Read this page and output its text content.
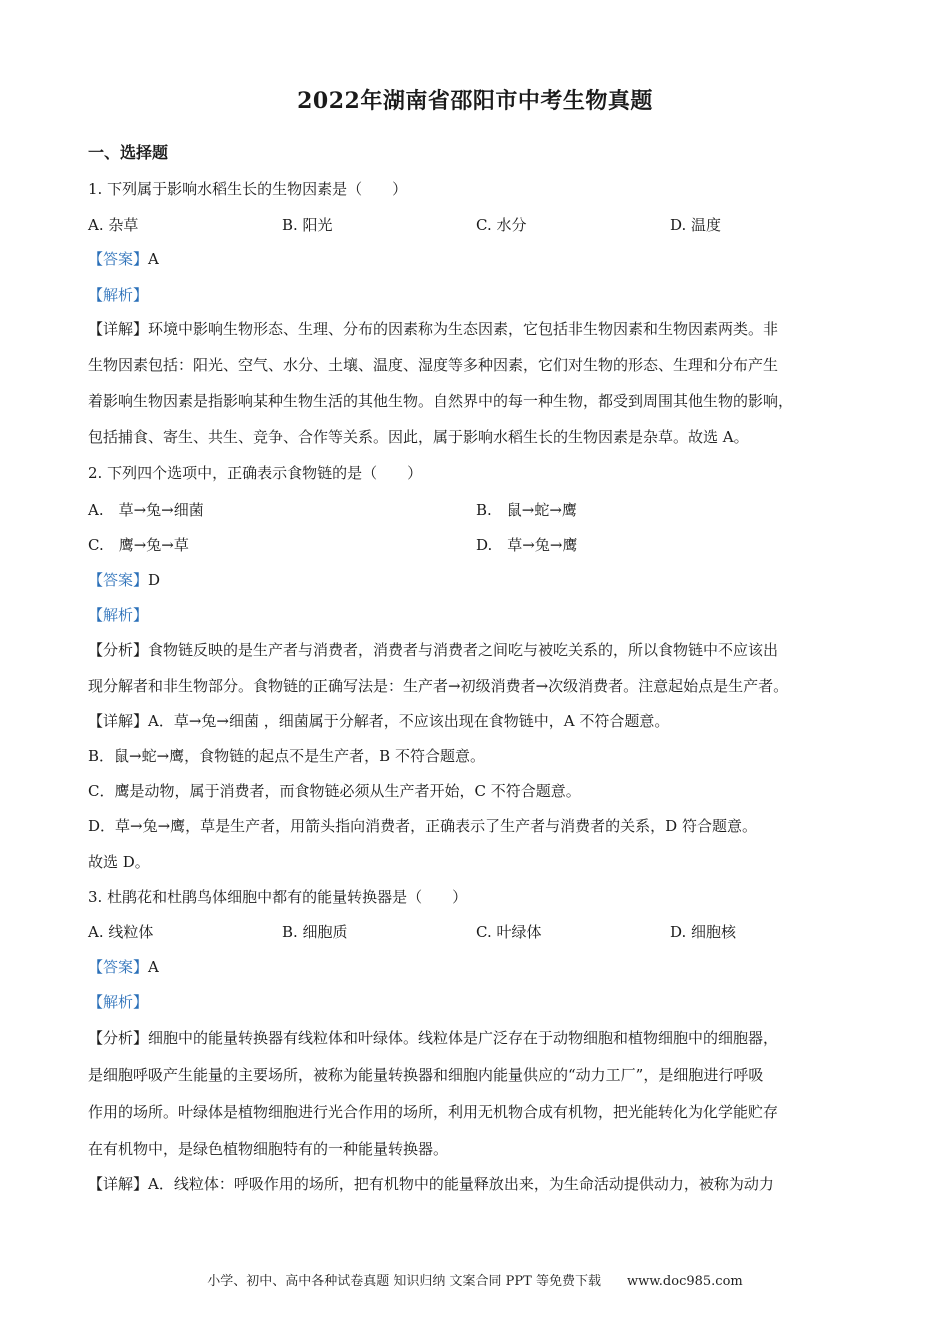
2022年湖南省邵阳市中考生物真题
一、选择题
1. 下列属于影响水稻生长的生物因素是（　　）
A. 杂草	B. 阳光	C. 水分	D. 温度
【答案】A
【解析】
【详解】环境中影响生物形态、生理、分布的因素称为生态因素，它包括非生物因素和生物因素两类。非
生物因素包括：阳光、空气、水分、土壤、温度、湿度等多种因素，它们对生物的形态、生理和分布产生
着影响生物因素是指影响某种生物生活的其他生物。自然界中的每一种生物，都受到周围其他生物的影响，
包括捕食、寄生、共生、竞争、合作等关系。因此，属于影响水稻生长的生物因素是杂草。故选 A。
2. 下列四个选项中，正确表示食物链的是（　　）
A.　草→兔→细菌	B.　鼠→蛇→鹰
C.　鹰→兔→草	D.　草→兔→鹰
【答案】D
【解析】
【分析】食物链反映的是生产者与消费者，消费者与消费者之间吃与被吃关系的，所以食物链中不应该出
现分解者和非生物部分。食物链的正确写法是：生产者→初级消费者→次级消费者。注意起始点是生产者。
【详解】A．草→兔→细菌 ，细菌属于分解者，不应该出现在食物链中，A 不符合题意。
B．鼠→蛇→鹰，食物链的起点不是生产者，B 不符合题意。
C．鹰是动物，属于消费者，而食物链必须从生产者开始，C 不符合题意。
D．草→兔→鹰，草是生产者，用箭头指向消费者，正确表示了生产者与消费者的关系，D 符合题意。
故选 D。
3. 杜鹃花和杜鹃鸟体细胞中都有的能量转换器是（　　）
A. 线粒体	B. 细胞质	C. 叶绿体	D. 细胞核
【答案】A
【解析】
【分析】细胞中的能量转换器有线粒体和叶绿体。线粒体是广泛存在于动物细胞和植物细胞中的细胞器，
是细胞呼吸产生能量的主要场所，被称为能量转换器和细胞内能量供应的“动力工厂”，是细胞进行呼吸
作用的场所。叶绿体是植物细胞进行光合作用的场所，利用无机物合成有机物，把光能转化为化学能贮存
在有机物中，是绿色植物细胞特有的一种能量转换器。
【详解】A．线粒体：呼吸作用的场所，把有机物中的能量释放出来，为生命活动提供动力，被称为动力
小学、初中、高中各种试卷真题 知识归纳 文案合同 PPT 等免费下载　　www.doc985.com
